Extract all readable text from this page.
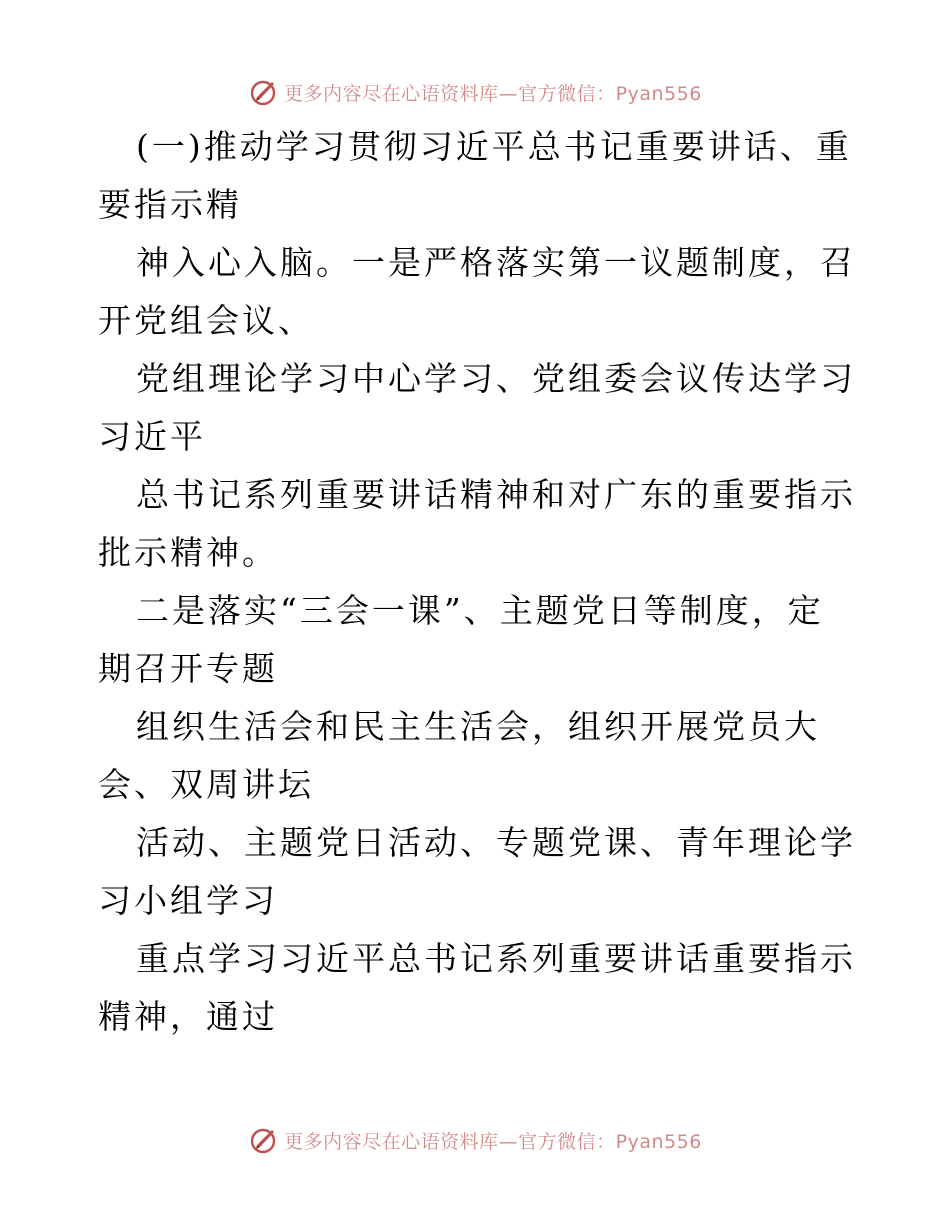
更多内容尽在心语资料库—官方微信：Pyan556

(一)推动学习贯彻习近平总书记重要讲话、重要指示精

神入心入脑。一是严格落实第一议题制度，召开党组会议、

党组理论学习中心学习、党组委会议传达学习习近平

总书记系列重要讲话精神和对广东的重要指示批示精神。

二是落实“三会一课”、主题党日等制度，定期召开专题

组织生活会和民主生活会，组织开展党员大会、双周讲坛

活动、主题党日活动、专题党课、青年理论学习小组学习

重点学习习近平总书记系列重要讲话重要指示精神，通过

更多内容尽在心语资料库—官方微信：Pyan556
